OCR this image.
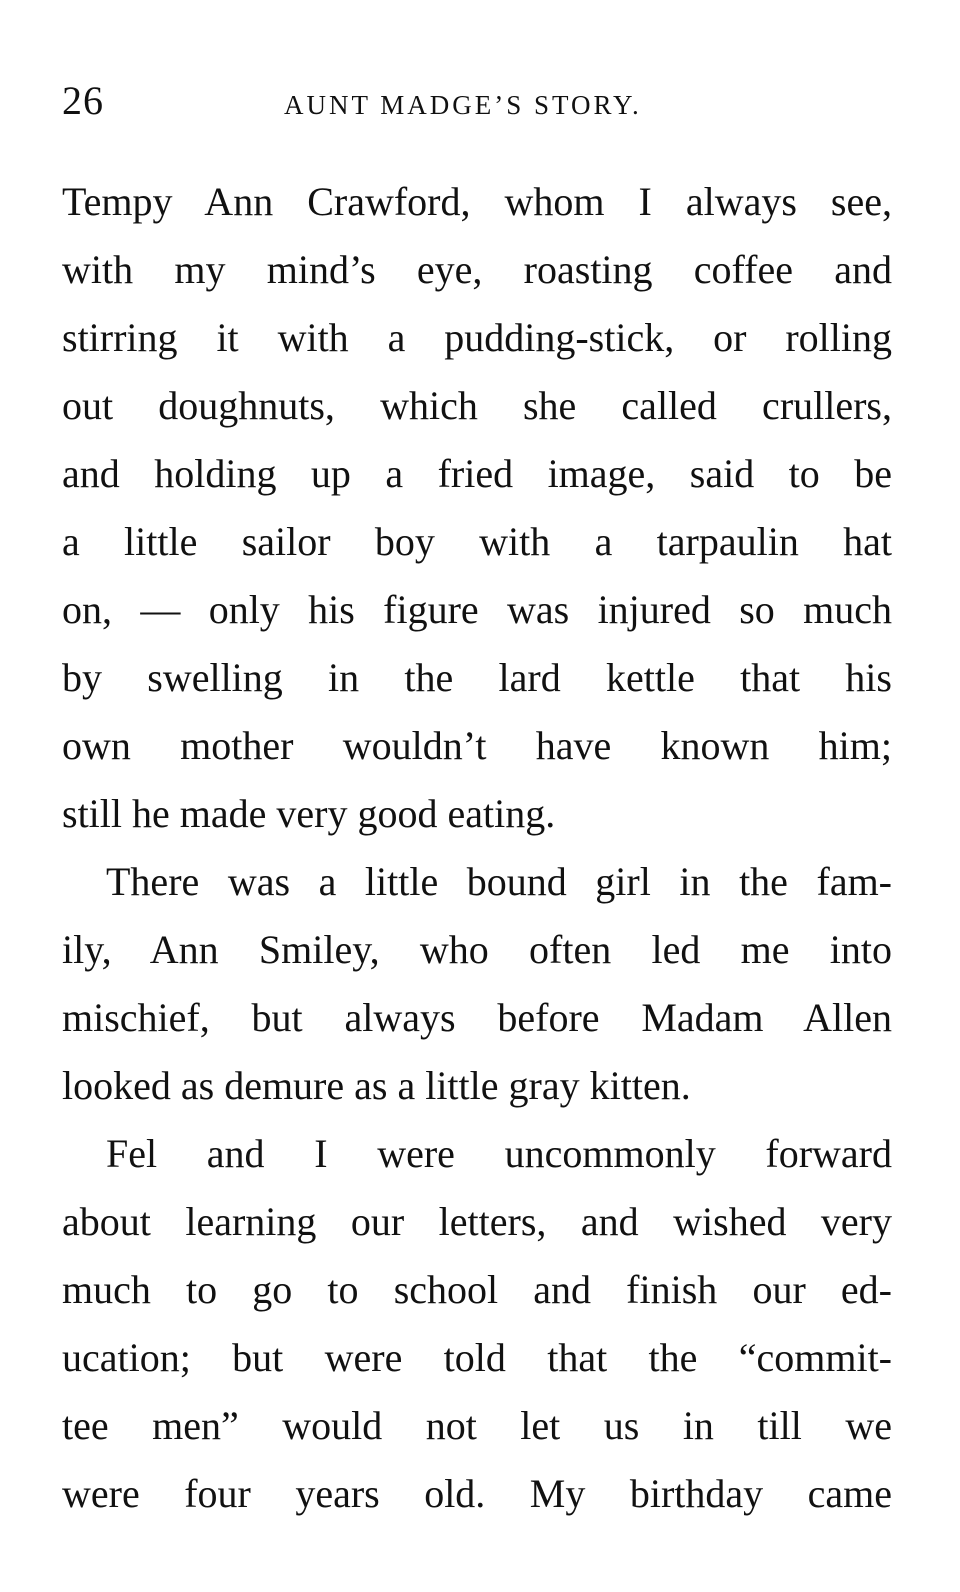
26	AUNT MADGE’S STORY.
Tempy Ann Crawford, whom I always see,
with my mind’s eye, roasting coffee and
stirring it with a pudding-stick, or rolling
out doughnuts, which she called crullers,
and holding up a fried image, said to be
a little sailor boy with a tarpaulin hat
on, — only his figure was injured so much
by swelling in the lard kettle that his
own mother wouldn’t have known him;
still he made very good eating.
There was a little bound girl in the fam-
ily, Ann Smiley, who often led me into
mischief, but always before Madam Allen
looked as demure as a little gray kitten.
Fel and I were uncommonly forward
about learning our letters, and wished very
much to go to school and finish our ed-
ucation; but were told that the “commit-
tee men” would not let us in till we
were four years old. My birthday came
